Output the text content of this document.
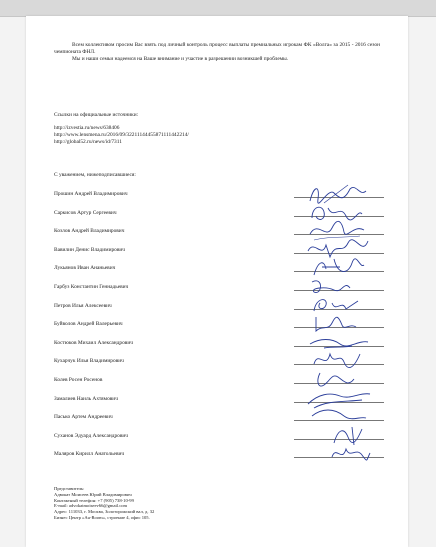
Всем коллективом просим Вас взять под личный контроль процесс выплаты премиальных игрокам ФК «Волга» за 2015 - 2016 сезон чемпионата ФНЛ.
Мы и наши семьи надеемся на Ваше внимание и участие в разрешении возникшей проблемы.
Ссылки на официальные источники:
http://izvestia.ru/news/638406
http://www.lensmena.ru/2016/09/32211144455871111442214/
http://global52.ru/news/id/7311
С уважением, нижеподписавшиеся:
Прошин Андрей Владимирович
Саркисов Артур Сергеевич
Козлов Андрей Владимирович
Вавилин Денис Владимирович
Лукьянов Иван Ананьевич
Гарбуз Константин Геннадьевич
Петров Илья Алексеевич
Буйволов Андрей Валерьевич
Костюков Михаил Александрович
Кухарчук Илья Владимирович
Колев Росен Росенов
Замалиев Наиль Ахтямович
Пасько Артем Андреевич
Суханов Эдуард Александрович
Маляров Кирилл Анатольевич
Представитель:
Адвокат Моисеев Юрий Владимирович
Контактный телефон: +7 (905) 738-10-99
E-mail: advokatmoiseev66@gmail.com
Адрес: 111033, г. Москва, Золоторожский вал, д. 32
Бизнес Центр «Au-Room», строение 4, офис 105.
